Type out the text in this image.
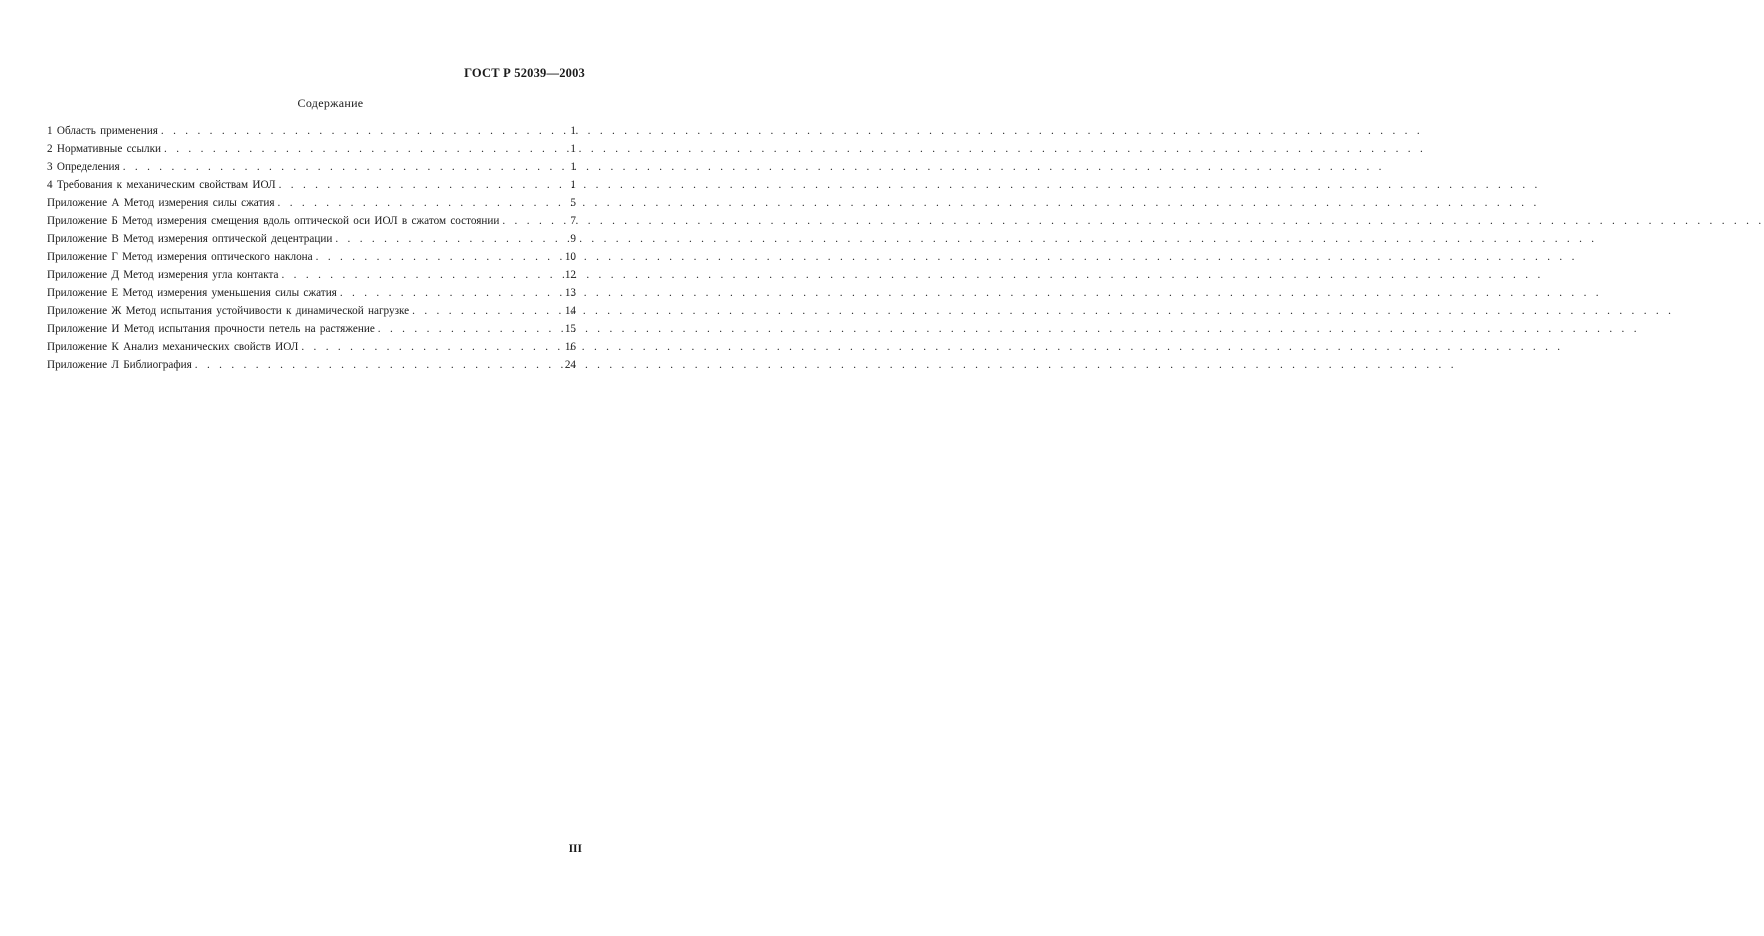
ГОСТ Р 52039—2003
Содержание
1 Область применения . . .	1
2 Нормативные ссылки . . .	1
3 Определения . . .	1
4 Требования к механическим свойствам ИОЛ . . .	1
Приложение А Метод измерения силы сжатия . . .	5
Приложение Б Метод измерения смещения вдоль оптической оси ИОЛ в сжатом состоянии . . .	7
Приложение В Метод измерения оптической децентрации . . .	9
Приложение Г Метод измерения оптического наклона . . .	10
Приложение Д Метод измерения угла контакта . . .	12
Приложение Е Метод измерения уменьшения силы сжатия . . .	13
Приложение Ж Метод испытания устойчивости к динамической нагрузке . . .	14
Приложение И Метод испытания прочности петель на растяжение . . .	15
Приложение К Анализ механических свойств ИОЛ . . .	16
Приложение Л Библиография . . .	24
III
